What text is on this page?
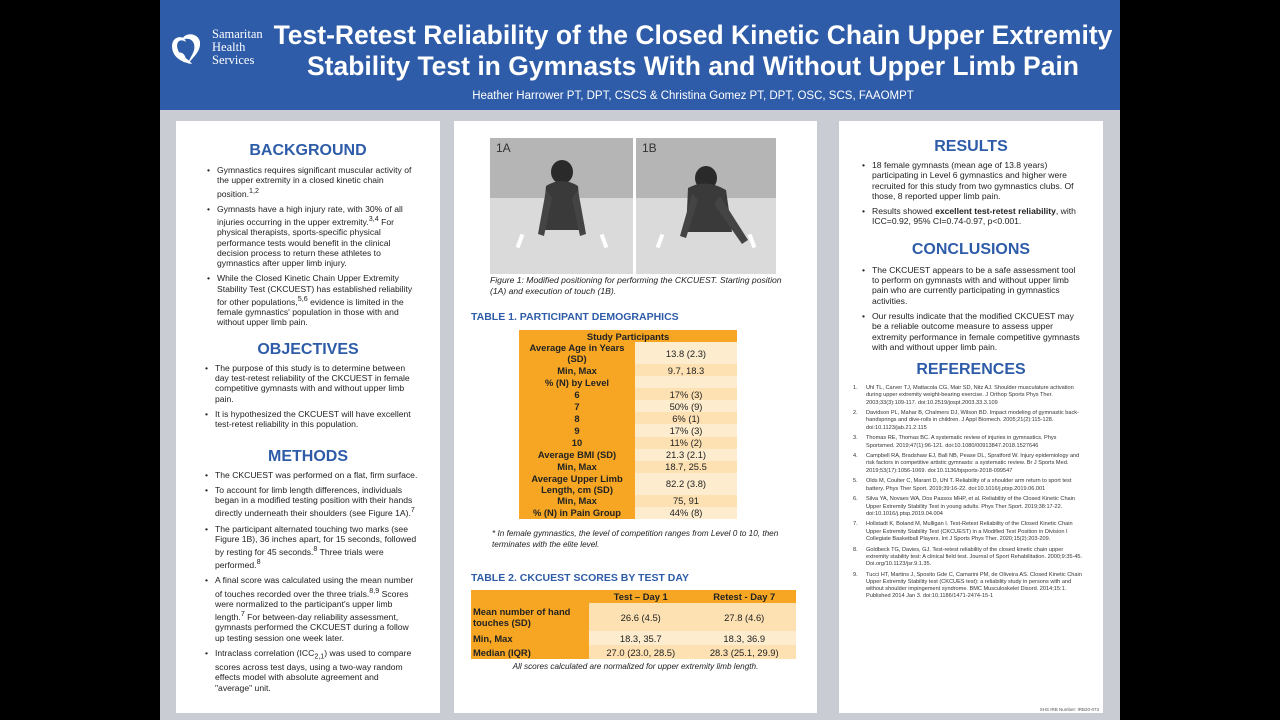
Samaritan
Health
Services
Test-Retest Reliability of the Closed Kinetic Chain Upper Extremity Stability Test in Gymnasts With and Without Upper Limb Pain
Heather Harrower PT, DPT, CSCS & Christina Gomez PT, DPT, OSC, SCS, FAAOMPT
BACKGROUND
• Gymnastics requires significant muscular activity of the upper extremity in a closed kinetic chain position.$^{1,2}$
• Gymnasts have a high injury rate, with 30% of all injuries occurring in the upper extremity.$^{3,4}$ For physical therapists, sports-specific physical performance tests would benefit in the clinical decision process to return these athletes to gymnastics after upper limb injury.
• While the Closed Kinetic Chain Upper Extremity Stability Test (CKCUEST) has established reliability for other populations,$^{5,6}$ evidence is limited in the female gymnastics' population in those with and without upper limb pain.
OBJECTIVES
• The purpose of this study is to determine between day test-retest reliability of the CKCUEST in female competitive gymnasts with and without upper limb pain.
• It is hypothesized the CKCUEST will have excellent test-retest reliability in this population.
METHODS
• The CKCUEST was performed on a flat, firm surface.
• To account for limb length differences, individuals began in a modified testing position with their hands directly underneath their shoulders (see Figure 1A).$^7$
• The participant alternated touching two marks (see Figure 1B), 36 inches apart, for 15 seconds, followed by resting for 45 seconds.$^8$ Three trials were performed.$^8$
• A final score was calculated using the mean number of touches recorded over the three trials.$^{8,9}$ Scores were normalized to the participant's upper limb length.$^7$ For between-day reliability assessment, gymnasts performed the CKCUEST during a follow up testing session one week later.
• Intraclass correlation $(ICC_{2,1})$ was used to compare scores across test days, using a two-way random effects model with absolute agreement and "average" unit.
1A	1B
Figure 1: Modified positioning for performing the CKCUEST. Starting position (1A) and execution of touch (1B).
TABLE 1. PARTICIPANT DEMOGRAPHICS
Study Participants	
Average Age in Years (SD)	13.8 (2.3)
Min, Max	9.7, 18.3
% (N) by Level	
6	17% (3)
7	50% (9)
8	6% (1)
9	17% (3)
10	11% (2)
Average BMI (SD)	21.3 (2.1)
Min, Max	18.7, 25.5
Average Upper Limb Length, cm (SD)	82.2 (3.8)
Min, Max	75, 91
% (N) in Pain Group	44% (8)
* In female gymnastics, the level of competition ranges from Level 0 to 10, then terminates with the elite level.
TABLE 2. CKCUEST SCORES BY TEST DAY
	Test – Day 1	Retest - Day 7
Mean number of hand touches (SD)	26.6 (4.5)	27.8 (4.6)
Min, Max	18.3, 35.7	18.3, 36.9
Median (IQR)	27.0 (23.0, 28.5)	28.3 (25.1, 29.9)
All scores calculated are normalized for upper extremity limb length.
RESULTS
• 18 female gymnasts (mean age of 13.8 years) participating in Level 6 gymnastics and higher were recruited for this study from two gymnastics clubs. Of those, 8 reported upper limb pain.
• Results showed excellent test-retest reliability, with ICC=0.92, 95% CI=0.74-0.97, p<0.001.
CONCLUSIONS
• The CKCUEST appears to be a safe assessment tool to perform on gymnasts with and without upper limb pain who are currently participating in gymnastics activities.
• Our results indicate that the modified CKCUEST may be a reliable outcome measure to assess upper extremity performance in female competitive gymnasts with and without upper limb pain.
REFERENCES
1. Uhl TL, Carver TJ, Mattacola CG, Mair SD, Nitz AJ. Shoulder musculature activation during upper extremity weight-bearing exercise. J Orthop Sports Phys Ther. 2003;33(3):109-117. doi:10.2519/jospt.2003.33.3.109
2. Davidson PL, Mahar B, Chalmers DJ, Wilson BD. Impact modeling of gymnastic back-handsprings and dive-rolls in children. J Appl Biomech. 2005;21(2):115-128. doi:10.1123/jab.21.2.115
3. Thomas RE, Thomas BC. A systematic review of injuries in gymnastics. Phys Sportsmed. 2019;47(1):96-121. doi:10.1080/00913847.2018.1527646
4. Campbell RA, Bradshaw EJ, Ball NB, Pease DL, Spratford W. Injury epidemiology and risk factors in competitive artistic gymnasts: a systematic review. Br J Sports Med. 2019;53(17):1056-1069. doi:10.1136/bjsports-2018-099547
5. Olds M, Coulter C, Marant D, Uhl T. Reliability of a shoulder arm return to sport test battery. Phys Ther Sport. 2019;39:16-22. doi:10.1016/j.ptsp.2019.06.001
6. Silva YA, Novaes WA, Dos Passos MHP, et al. Reliability of the Closed Kinetic Chain Upper Extremity Stability Test in young adults. Phys Ther Sport. 2019;38:17-22. doi:10.1016/j.ptsp.2019.04.004
7. Hollstadt K, Boland M, Mulligan I. Test-Retest Reliability of the Closed Kinetic Chain Upper Extremity Stability Test (CKCUEST) in a Modified Test Position in Division I Collegiate Basketball Players. Int J Sports Phys Ther. 2020;15(2):203-209.
8. Goldbeck TG, Davies, GJ. Test-retest reliability of the closed kinetic chain upper extremity stability test: A clinical field test. Journal of Sport Rehabilitation. 2000;9:35-45. Doi.org/10.1123/jsr.9.1.35.
9. Tucci HT, Martins J, Sposito Gde C, Camarini PM, de Oliveira AS. Closed Kinetic Chain Upper Extremity Stability test (CKCUES test): a reliability study in persons with and without shoulder impingement syndrome. BMC Musculoskelet Disord. 2014;15:1. Published 2014 Jan 3. doi:10.1186/1471-2474-15-1
SHS IRB Number: IRB20-073
